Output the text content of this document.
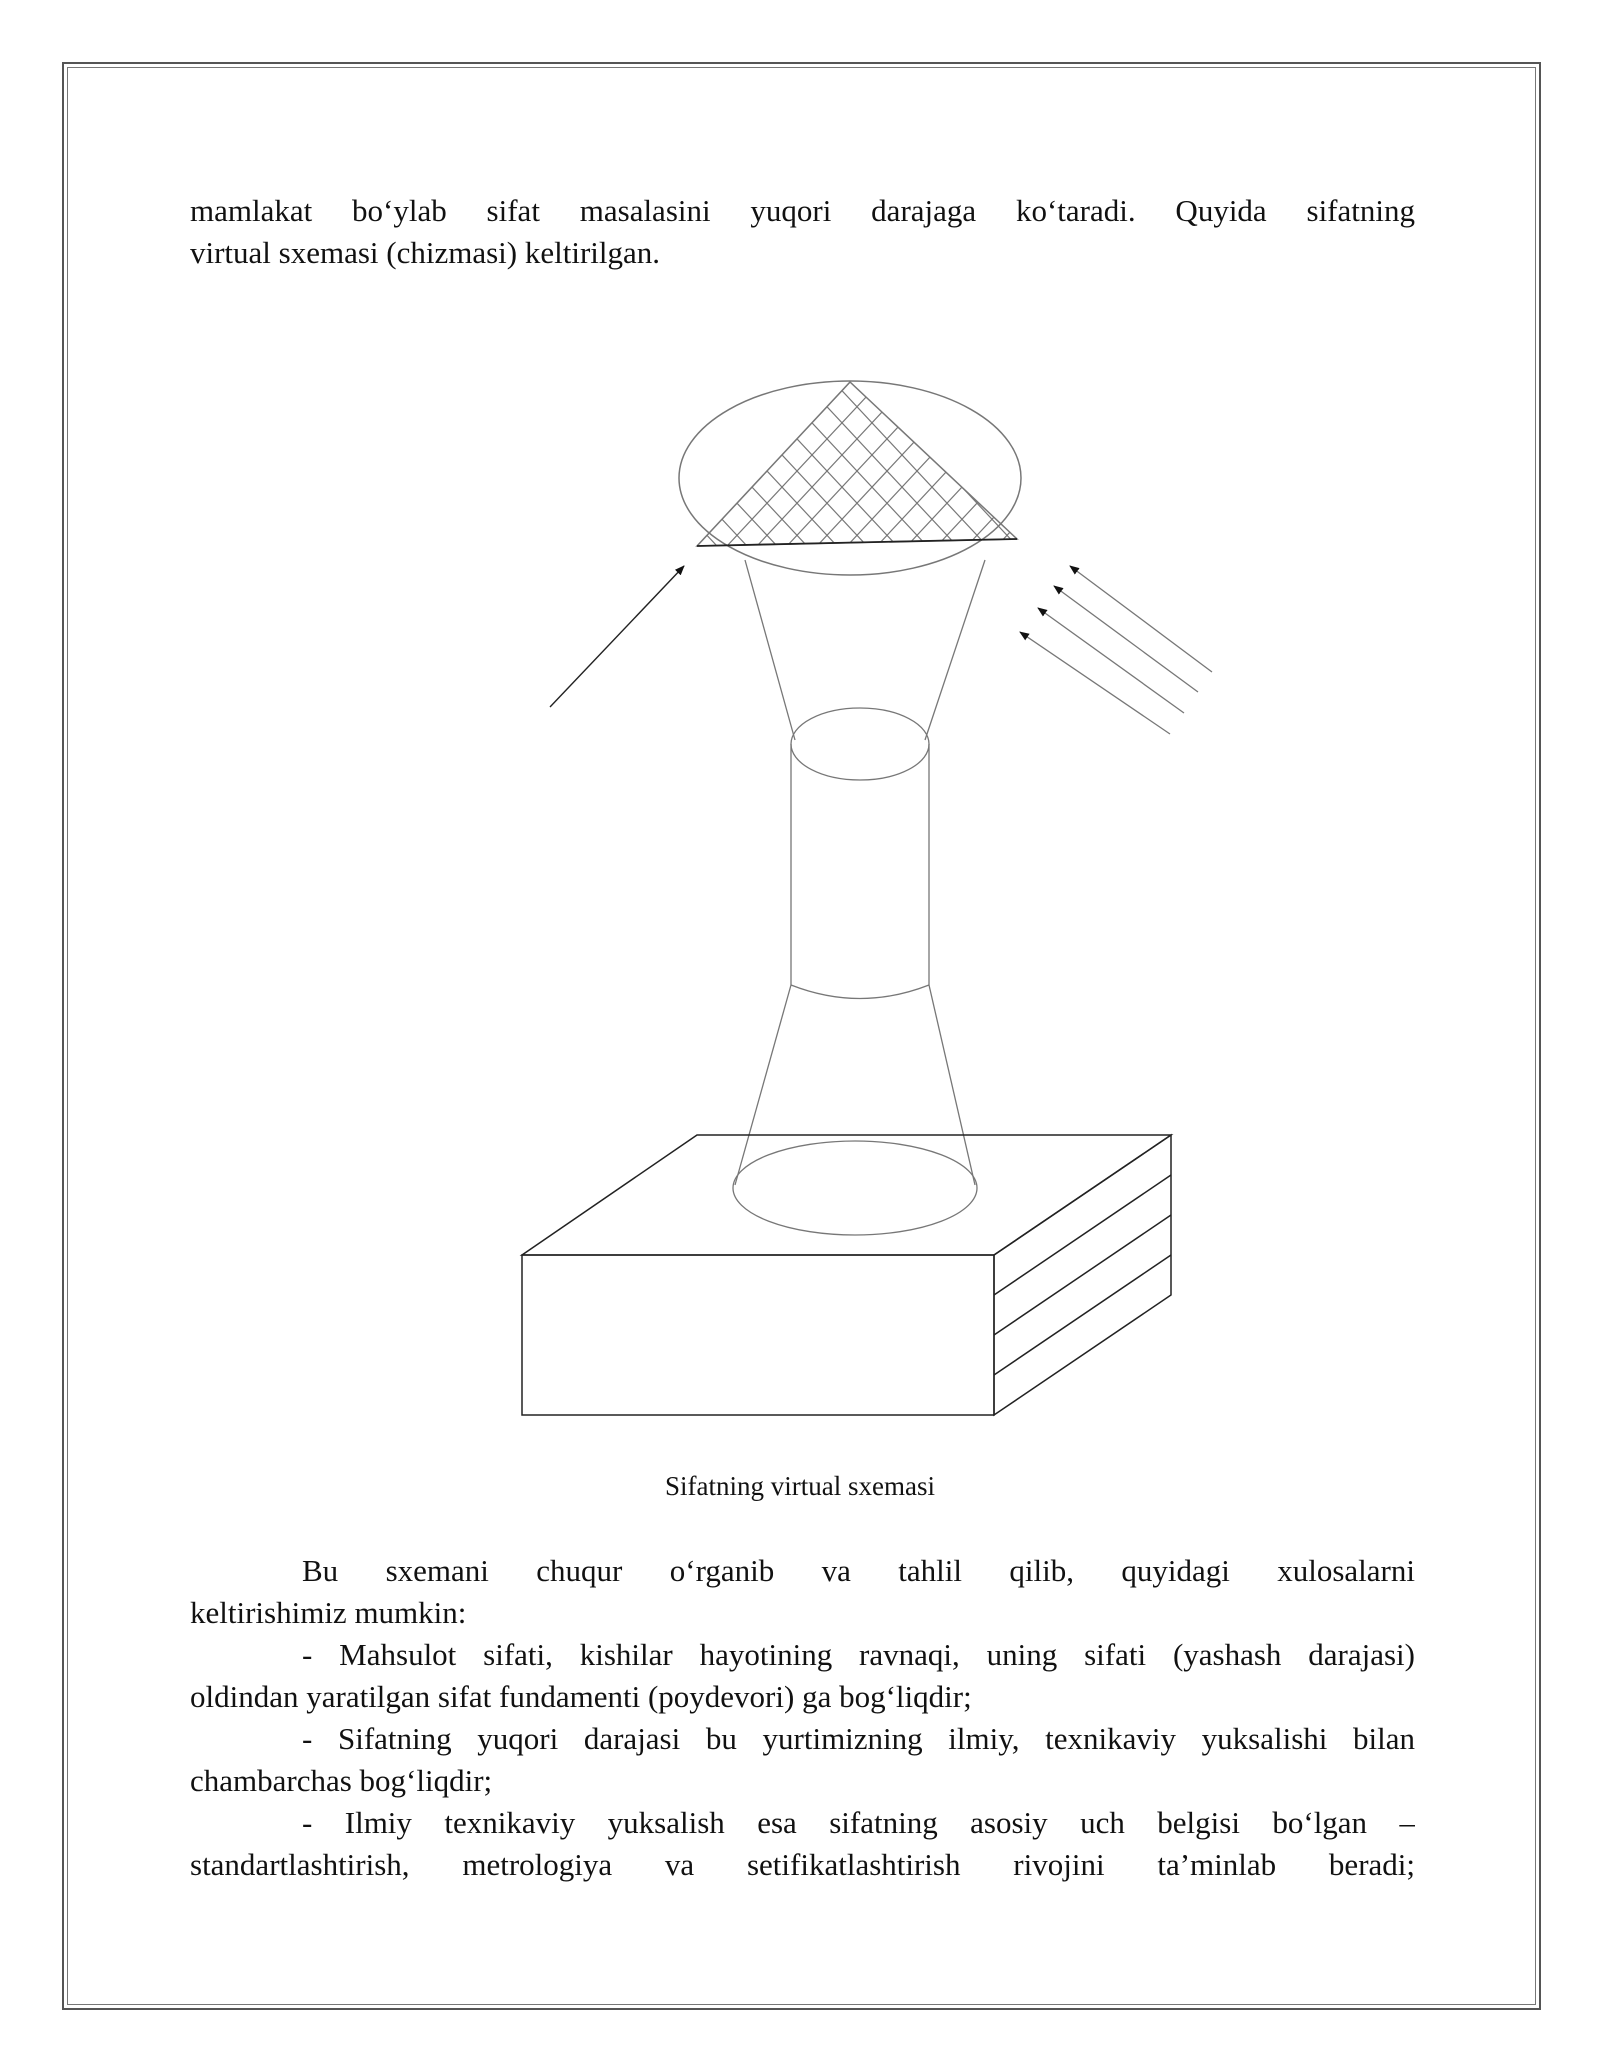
mamlakat bo‘ylab sifat masalasini yuqori darajaga ko‘taradi. Quyida sifatning

virtual sxemasi (chizmasi) keltirilgan.

Sifatning virtual sxemasi

Bu sxemani chuqur o‘rganib va tahlil qilib, quyidagi xulosalarni

keltirishimiz mumkin:

- Mahsulot sifati, kishilar hayotining ravnaqi, uning sifati (yashash darajasi)

oldindan yaratilgan sifat fundamenti (poydevori) ga bog‘liqdir;

- Sifatning yuqori darajasi bu yurtimizning ilmiy, texnikaviy yuksalishi bilan

chambarchas bog‘liqdir;

- Ilmiy texnikaviy yuksalish esa sifatning asosiy uch belgisi bo‘lgan –

standartlashtirish, metrologiya va setifikatlashtirish rivojini ta’minlab beradi;
